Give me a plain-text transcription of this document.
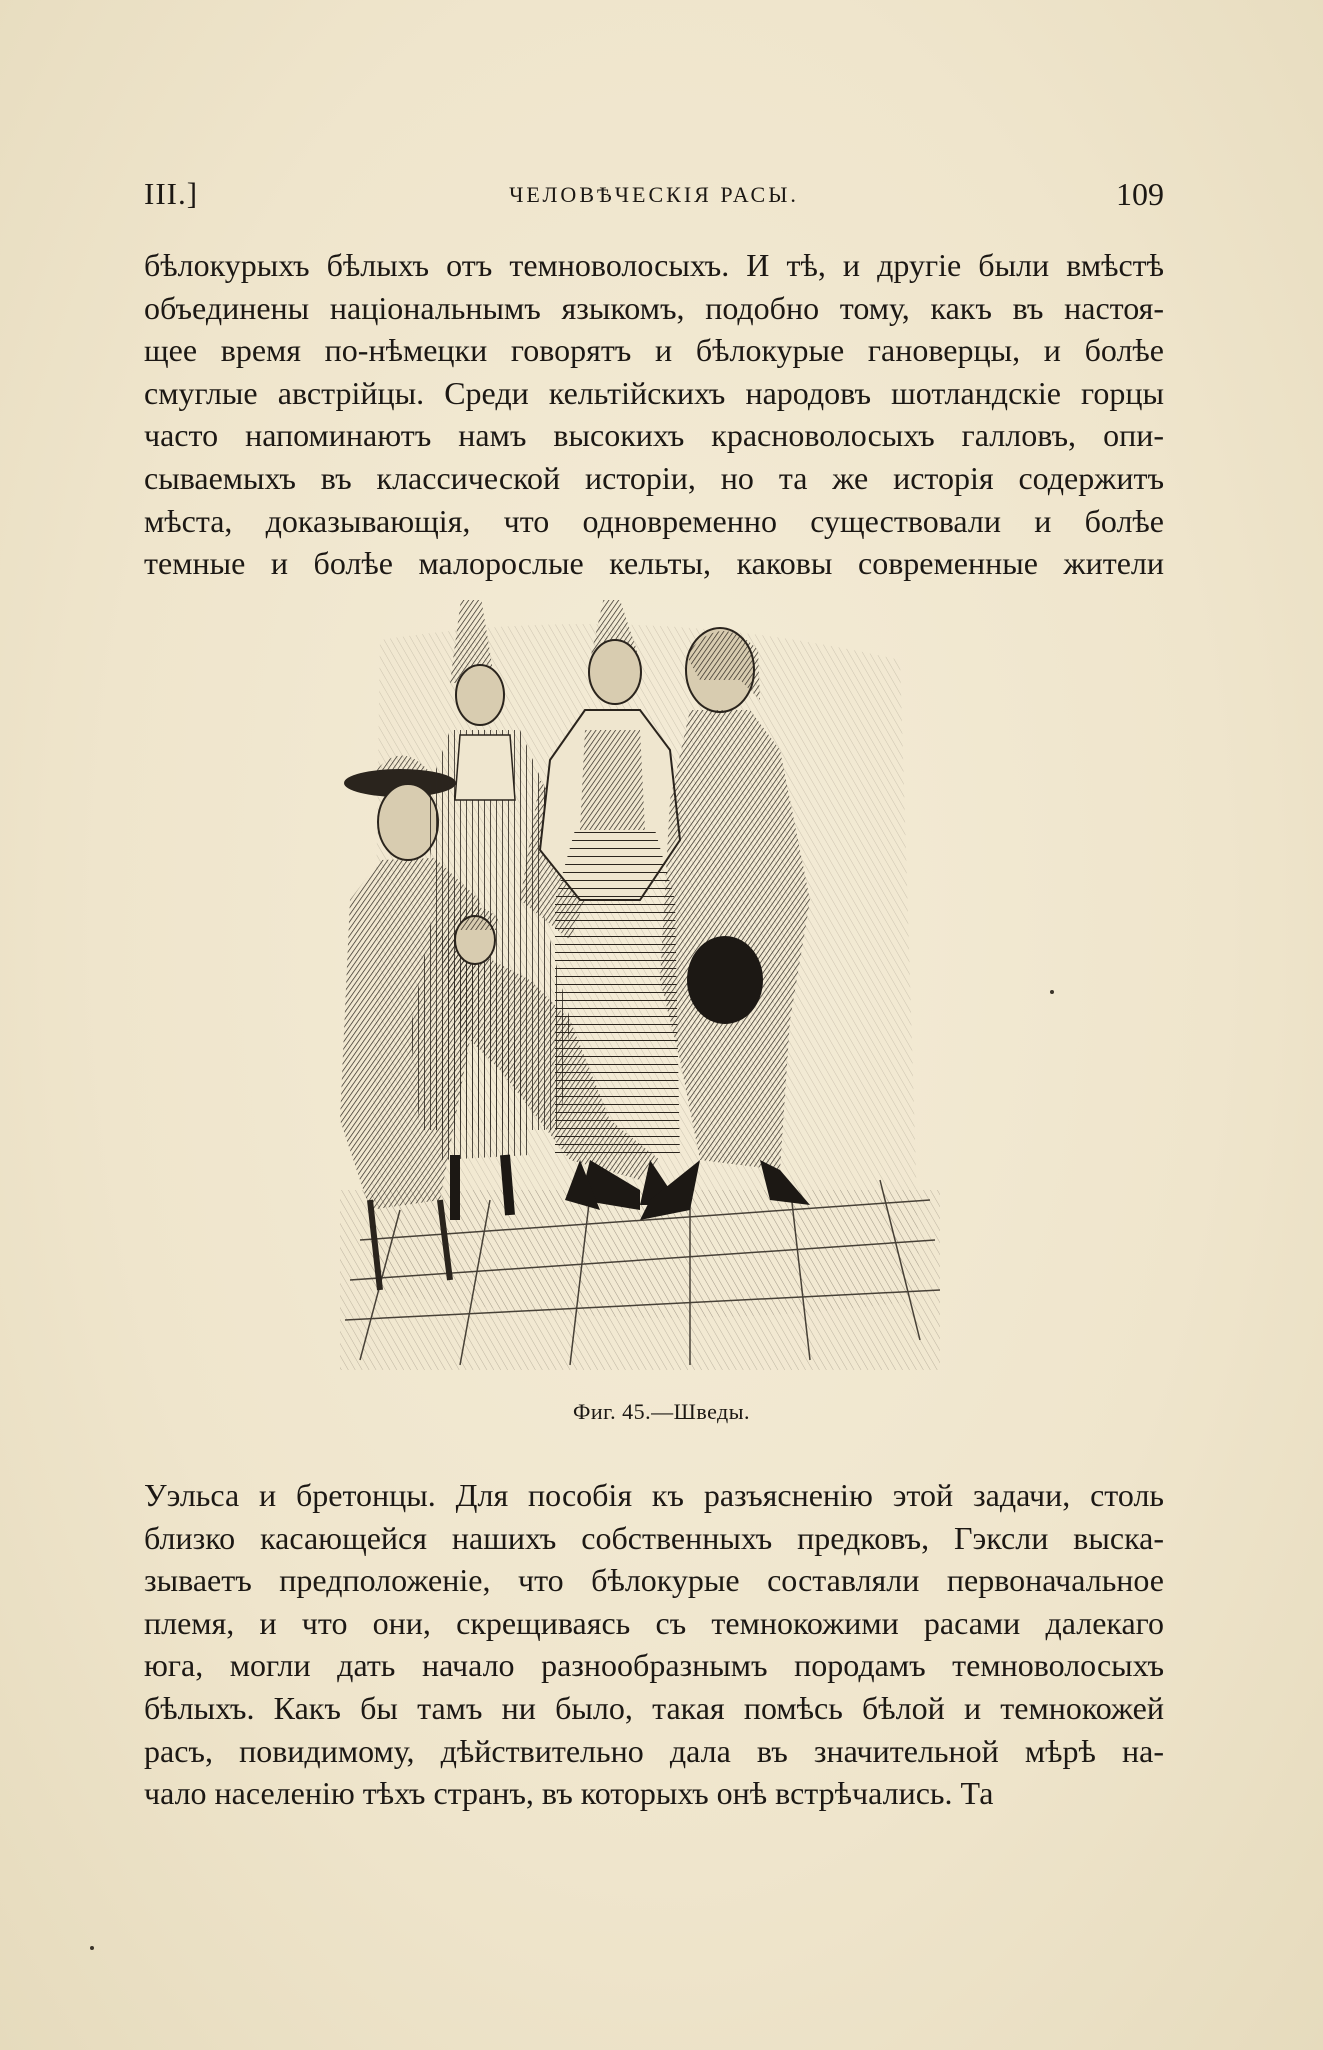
III.]	ЧЕЛОВѢЧЕСКІЯ РАСЫ.	109
бѣлокурыхъ бѣлыхъ отъ темноволосыхъ. И тѣ, и другіе были вмѣстѣ
объединены національнымъ языкомъ, подобно тому, какъ въ настоя-
щее время по-нѣмецки говорятъ и бѣлокурые гановерцы, и болѣе
смуглые австрійцы. Среди кельтійскихъ народовъ шотландскіе горцы
часто напоминаютъ намъ высокихъ красноволосыхъ галловъ, опи-
сываемыхъ въ классической исторіи, но та же исторія содержитъ
мѣста, доказывающія, что одновременно существовали и болѣе
темные и болѣе малорослые кельты, каковы современные жители
Фиг. 45.—Шведы.
Уэльса и бретонцы. Для пособія къ разъясненію этой задачи, столь
близко касающейся нашихъ собственныхъ предковъ, Гэксли выска-
зываетъ предположеніе, что бѣлокурые составляли первоначальное
племя, и что они, скрещиваясь съ темнокожими расами далекаго
юга, могли дать начало разнообразнымъ породамъ темноволосыхъ
бѣлыхъ. Какъ бы тамъ ни было, такая помѣсь бѣлой и темнокожей
расъ, повидимому, дѣйствительно дала въ значительной мѣрѣ на-
чало населенію тѣхъ странъ, въ которыхъ онѣ встрѣчались. Та
